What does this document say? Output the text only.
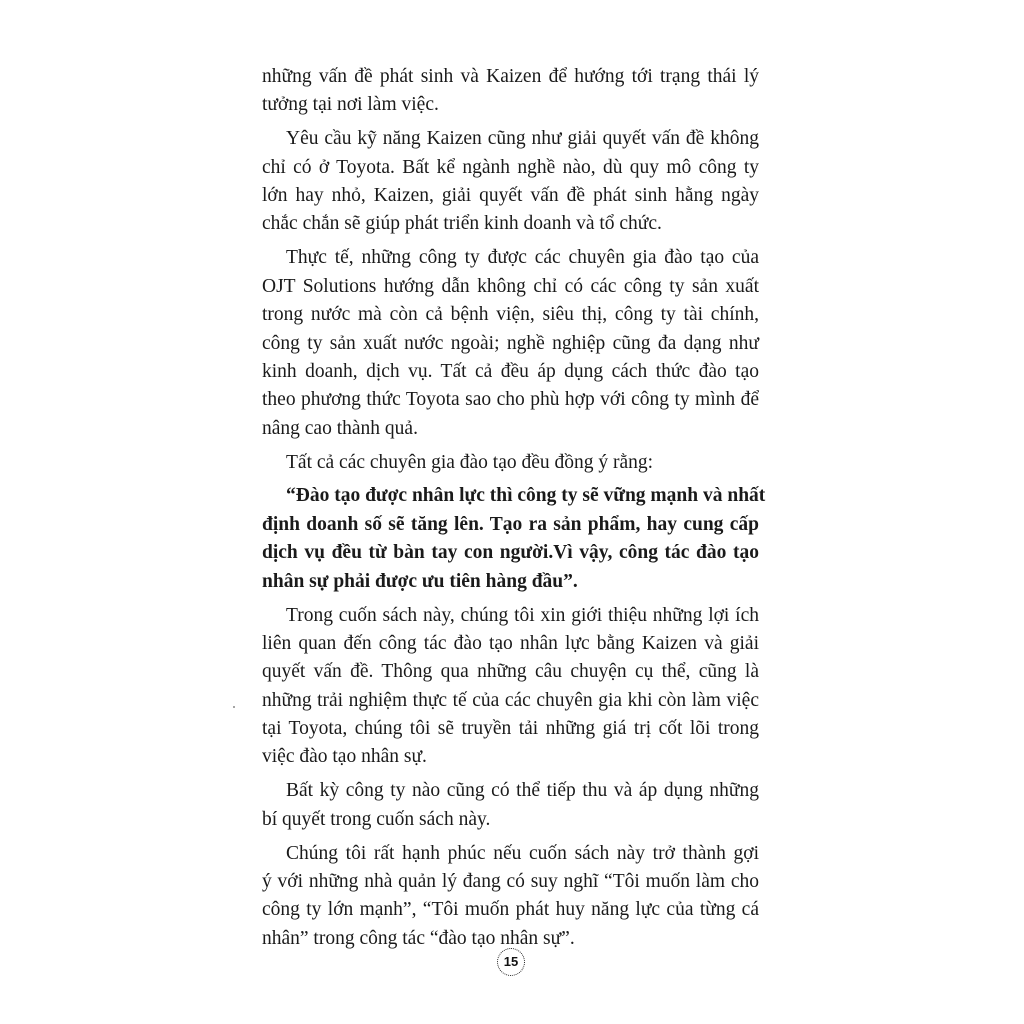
những vấn đề phát sinh và Kaizen để hướng tới trạng thái lý
tưởng tại nơi làm việc.
Yêu cầu kỹ năng Kaizen cũng như giải quyết vấn đề không
chỉ có ở Toyota. Bất kể ngành nghề nào, dù quy mô công ty
lớn hay nhỏ, Kaizen, giải quyết vấn đề phát sinh hằng ngày
chắc chắn sẽ giúp phát triển kinh doanh và tổ chức.
Thực tế, những công ty được các chuyên gia đào tạo của
OJT Solutions hướng dẫn không chỉ có các công ty sản xuất
trong nước mà còn cả bệnh viện, siêu thị, công ty tài chính,
công ty sản xuất nước ngoài; nghề nghiệp cũng đa dạng như
kinh doanh, dịch vụ. Tất cả đều áp dụng cách thức đào tạo
theo phương thức Toyota sao cho phù hợp với công ty mình để
nâng cao thành quả.
Tất cả các chuyên gia đào tạo đều đồng ý rằng:
“Đào tạo được nhân lực thì công ty sẽ vững mạnh và nhất
định doanh số sẽ tăng lên. Tạo ra sản phẩm, hay cung cấp
dịch vụ đều từ bàn tay con người.Vì vậy, công tác đào tạo
nhân sự phải được ưu tiên hàng đầu”.
Trong cuốn sách này, chúng tôi xin giới thiệu những lợi ích
liên quan đến công tác đào tạo nhân lực bằng Kaizen và giải
quyết vấn đề. Thông qua những câu chuyện cụ thể, cũng là
những trải nghiệm thực tế của các chuyên gia khi còn làm việc
tại Toyota, chúng tôi sẽ truyền tải những giá trị cốt lõi trong
việc đào tạo nhân sự.
Bất kỳ công ty nào cũng có thể tiếp thu và áp dụng những
bí quyết trong cuốn sách này.
Chúng tôi rất hạnh phúc nếu cuốn sách này trở thành gợi
ý với những nhà quản lý đang có suy nghĩ “Tôi muốn làm cho
công ty lớn mạnh”, “Tôi muốn phát huy năng lực của từng cá
nhân” trong công tác “đào tạo nhân sự”.
15
